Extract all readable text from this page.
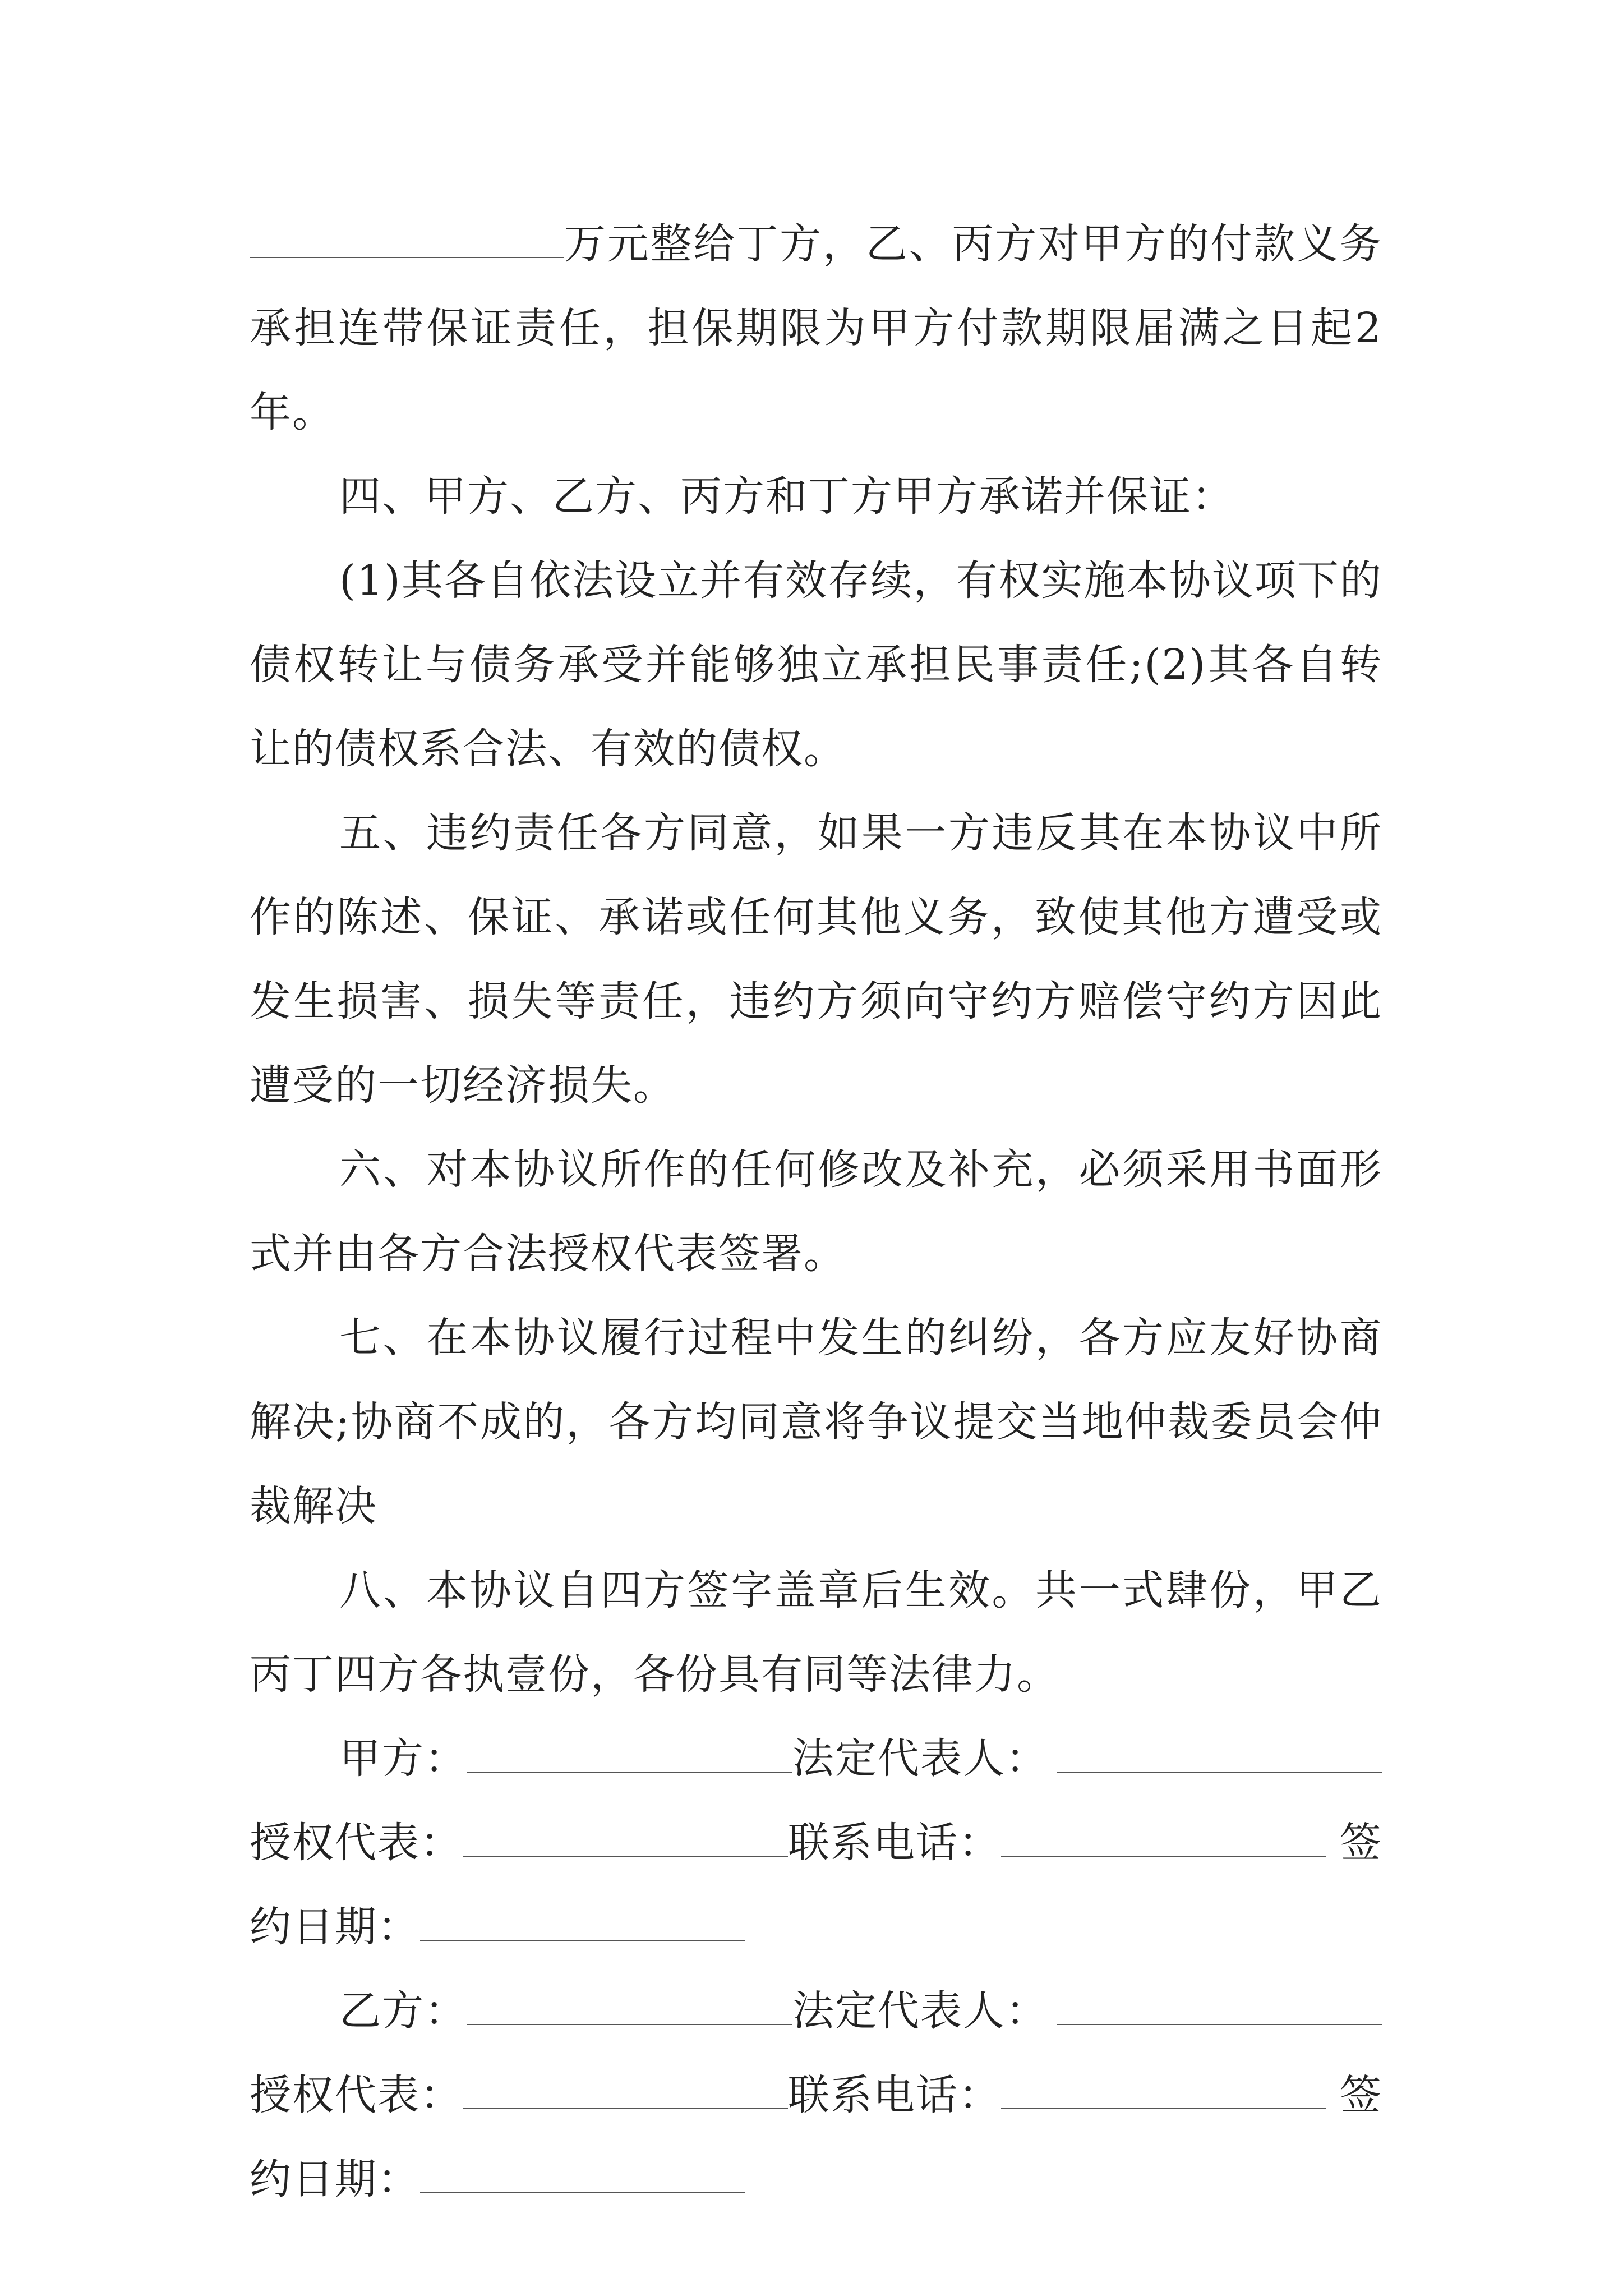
万元整给丁方，乙、丙方对甲方的付款义务承担连带保证责任，担保期限为甲方付款期限届满之日起2年。

四、甲方、乙方、丙方和丁方甲方承诺并保证：

(1)其各自依法设立并有效存续，有权实施本协议项下的债权转让与债务承受并能够独立承担民事责任;(2)其各自转让的债权系合法、有效的债权。

五、违约责任各方同意，如果一方违反其在本协议中所作的陈述、保证、承诺或任何其他义务，致使其他方遭受或发生损害、损失等责任，违约方须向守约方赔偿守约方因此遭受的一切经济损失。

六、对本协议所作的任何修改及补充，必须采用书面形式并由各方合法授权代表签署。

七、在本协议履行过程中发生的纠纷，各方应友好协商解决;协商不成的，各方均同意将争议提交当地仲裁委员会仲裁解决

八、本协议自四方签字盖章后生效。共一式肆份，甲乙丙丁四方各执壹份，各份具有同等法律力。

甲方：	法定代表人：
授权代表：	联系电话：	签
约日期：
乙方：	法定代表人：
授权代表：	联系电话：	签
约日期：
